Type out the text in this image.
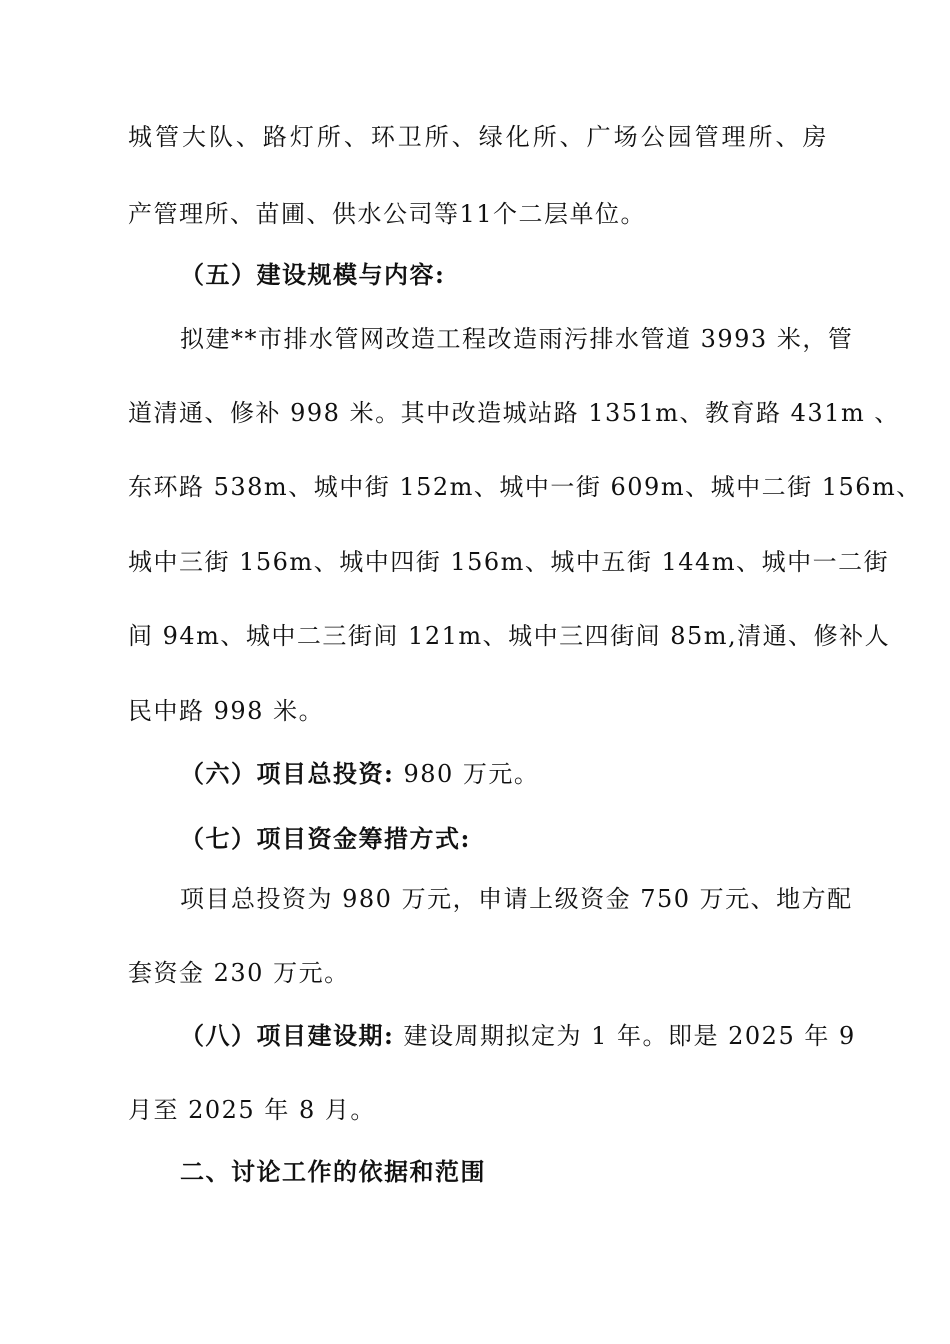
城管大队、路灯所、环卫所、绿化所、广场公园管理所、房
产管理所、苗圃、供水公司等11个二层单位。
（五）建设规模与内容:
拟建**市排水管网改造工程改造雨污排水管道 3993 米，管
道清通、修补 998 米。其中改造城站路 1351m、教育路 431m 、
东环路 538m、城中街 152m、城中一街 609m、城中二街 156m、
城中三街 156m、城中四街 156m、城中五街 144m、城中一二街
间 94m、城中二三街间 121m、城中三四街间 85m,清通、修补人
民中路 998 米。
（六）项目总投资: 980 万元。
（七）项目资金筹措方式:
项目总投资为 980 万元，申请上级资金 750 万元、地方配
套资金 230 万元。
（八）项目建设期: 建设周期拟定为 1 年。即是 2025 年 9
月至 2025 年 8 月。
二、讨论工作的依据和范围
